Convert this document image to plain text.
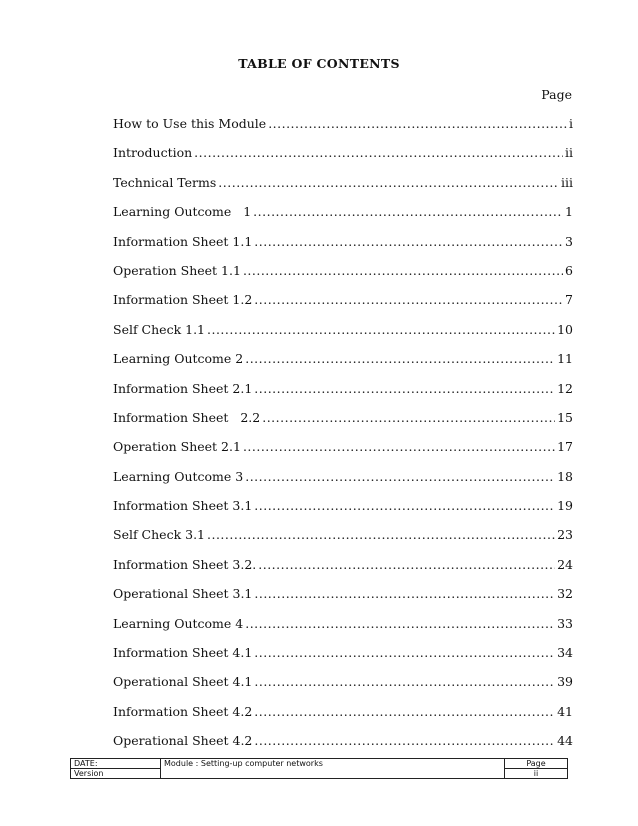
TABLE OF CONTENTS
Page
How to Use this Module .....	i
Introduction .....	ii
Technical Terms .....	iii
Learning Outcome   1 .....	1
Information Sheet 1.1 .....	3
Operation Sheet 1.1 .....	6
Information Sheet 1.2 .....	7
Self Check 1.1 .....	10
Learning Outcome 2 .....	11
Information Sheet 2.1 .....	12
Information Sheet   2.2 .....	15
Operation Sheet 2.1 .....	17
Learning Outcome 3 .....	18
Information Sheet 3.1 .....	19
Self Check 3.1 .....	23
Information Sheet 3.2. .....	24
Operational Sheet 3.1 .....	32
Learning Outcome 4 .....	33
Information Sheet 4.1 .....	34
Operational Sheet 4.1 .....	39
Information Sheet 4.2 .....	41
Operational Sheet 4.2 .....	44
DATE:	Module : Setting-up computer networks	Page
Version		ii
